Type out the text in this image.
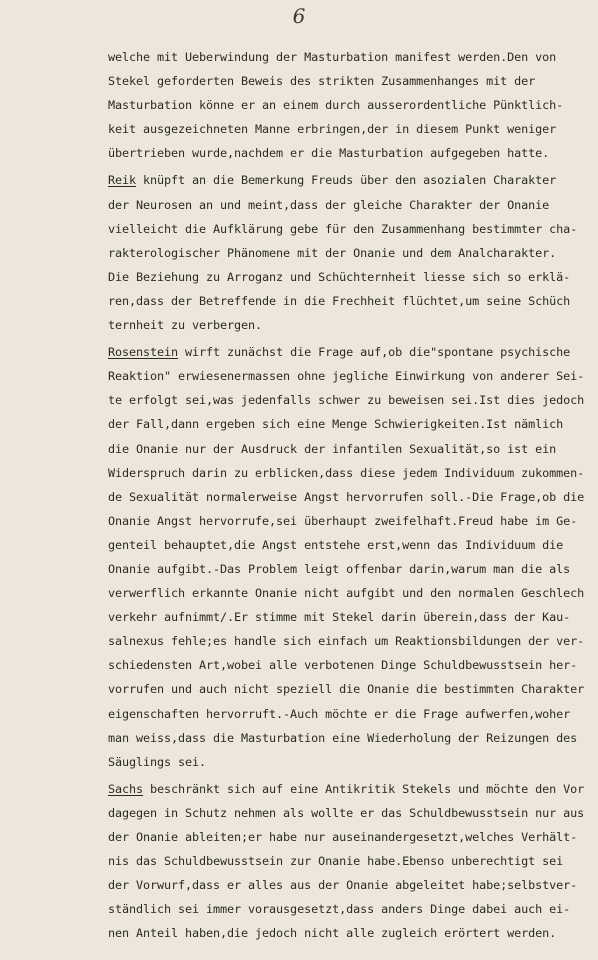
6
welche mit Ueberwindung der Masturbation manifest werden.Den von
Stekel geforderten Beweis des strikten Zusammenhanges mit der
Masturbation könne er an einem durch ausserordentliche Pünktlich-
keit ausgezeichneten Manne erbringen,der in diesem Punkt weniger
übertrieben wurde,nachdem er die Masturbation aufgegeben hatte.
Reik knüpft an die Bemerkung Freuds über den asozialen Charakter
der Neurosen an und meint,dass der gleiche Charakter der Onanie
vielleicht die Aufklärung gebe für den Zusammenhang bestimmter cha-
rakterologischer Phänomene mit der Onanie und dem Analcharakter.
Die Beziehung zu Arroganz und Schüchternheit liesse sich so erklä-
ren,dass der Betreffende in die Frechheit flüchtet,um seine Schüch
ternheit zu verbergen.
Rosenstein wirft zunächst die Frage auf,ob die"spontane psychische
Reaktion" erwiesenermassen ohne jegliche Einwirkung von anderer Sei-
te erfolgt sei,was jedenfalls schwer zu beweisen sei.Ist dies jedoch
der Fall,dann ergeben sich eine Menge Schwierigkeiten.Ist nämlich
die Onanie nur der Ausdruck der infantilen Sexualität,so ist ein
Widerspruch darin zu erblicken,dass diese jedem Individuum zukommen-
de Sexualität normalerweise Angst hervorrufen soll.-Die Frage,ob die
Onanie Angst hervorrufe,sei überhaupt zweifelhaft.Freud habe im Ge-
genteil behauptet,die Angst entstehe erst,wenn das Individuum die
Onanie aufgibt.-Das Problem leigt offenbar darin,warum man die als
verwerflich erkannte Onanie nicht aufgibt und den normalen Geschlech
verkehr aufnimmt/.Er stimme mit Stekel darin überein,dass der Kau-
salnexus fehle;es handle sich einfach um Reaktionsbildungen der ver-
schiedensten Art,wobei alle verbotenen Dinge Schuldbewusstsein her-
vorrufen und auch nicht speziell die Onanie die bestimmten Charakter
eigenschaften hervorruft.-Auch möchte er die Frage aufwerfen,woher
man weiss,dass die Masturbation eine Wiederholung der Reizungen des
Säuglings sei.
Sachs beschränkt sich auf eine Antikritik Stekels und möchte den Vor
dagegen in Schutz nehmen als wollte er das Schuldbewusstsein nur aus
der Onanie ableiten;er habe nur auseinandergesetzt,welches Verhält-
nis das Schuldbewusstsein zur Onanie habe.Ebenso unberechtigt sei
der Vorwurf,dass er alles aus der Onanie abgeleitet habe;selbstver-
ständlich sei immer vorausgesetzt,dass anders Dinge dabei auch ei-
nen Anteil haben,die jedoch nicht alle zugleich erörtert werden.
